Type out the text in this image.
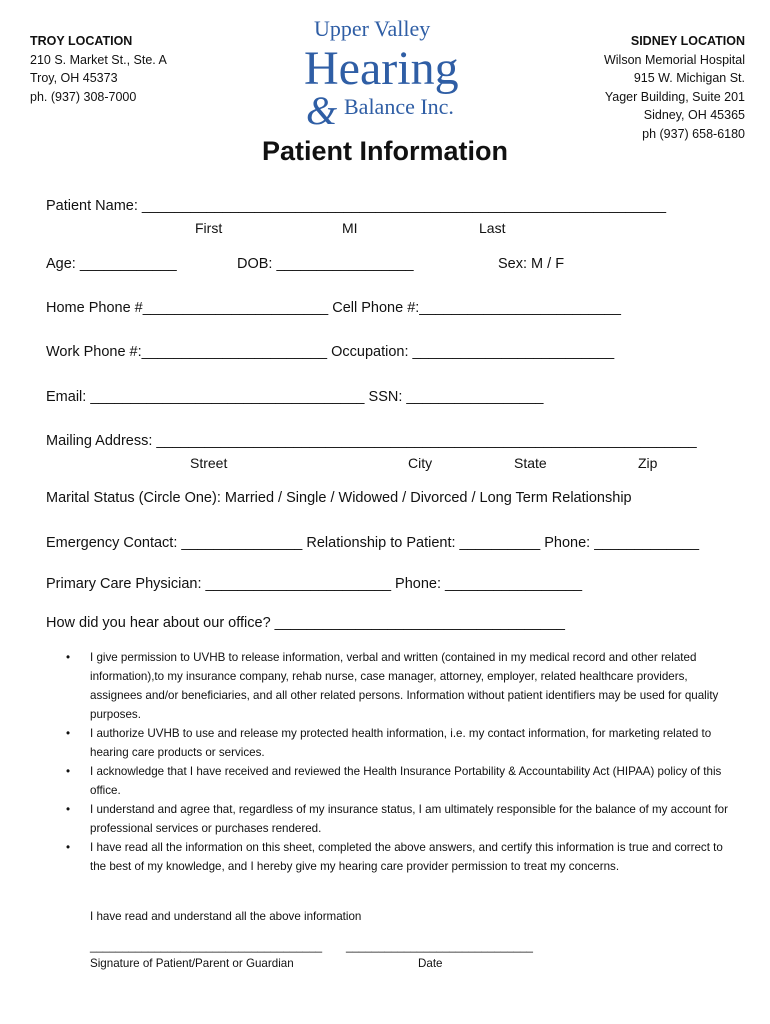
TROY LOCATION
210 S. Market St., Ste. A
Troy, OH 45373
ph. (937) 308-7000
SIDNEY LOCATION
Wilson Memorial Hospital
915 W. Michigan St.
Yager Building, Suite 201
Sidney, OH 45365
ph (937) 658-6180
Upper Valley
Hearing
& Balance Inc.
Patient Information
Patient Name: _________________________________________________________________
First	MI	Last
Age: ____________	DOB: _________________	Sex: M / F
Home Phone #_______________________ Cell Phone #:_________________________
Work Phone #:_______________________ Occupation: _________________________
Email: __________________________________ SSN: _________________
Mailing Address: ___________________________________________________________________
Street	City	State	Zip
Marital Status (Circle One): Married / Single / Widowed / Divorced / Long Term Relationship
Emergency Contact: _______________ Relationship to Patient: __________ Phone: _____________
Primary Care Physician: _______________________ Phone: _________________
How did you hear about our office? ____________________________________
• I give permission to UVHB to release information, verbal and written (contained in my medical record and other related information),to my insurance company, rehab nurse, case manager, attorney, employer, related healthcare providers, assignees and/or beneficiaries, and all other related persons. Information without patient identifiers may be used for quality purposes.
• I authorize UVHB to use and release my protected health information, i.e. my contact information, for marketing related to hearing care products or services.
• I acknowledge that I have received and reviewed the Health Insurance Portability & Accountability Act (HIPAA) policy of this office.
• I understand and agree that, regardless of my insurance status, I am ultimately responsible for the balance of my account for professional services or purchases rendered.
• I have read all the information on this sheet, completed the above answers, and certify this information is true and correct to the best of my knowledge, and I hereby give my hearing care provider permission to treat my concerns.
I have read and understand all the above information
____________________________________ _____________________________
Signature of Patient/Parent or Guardian	Date
